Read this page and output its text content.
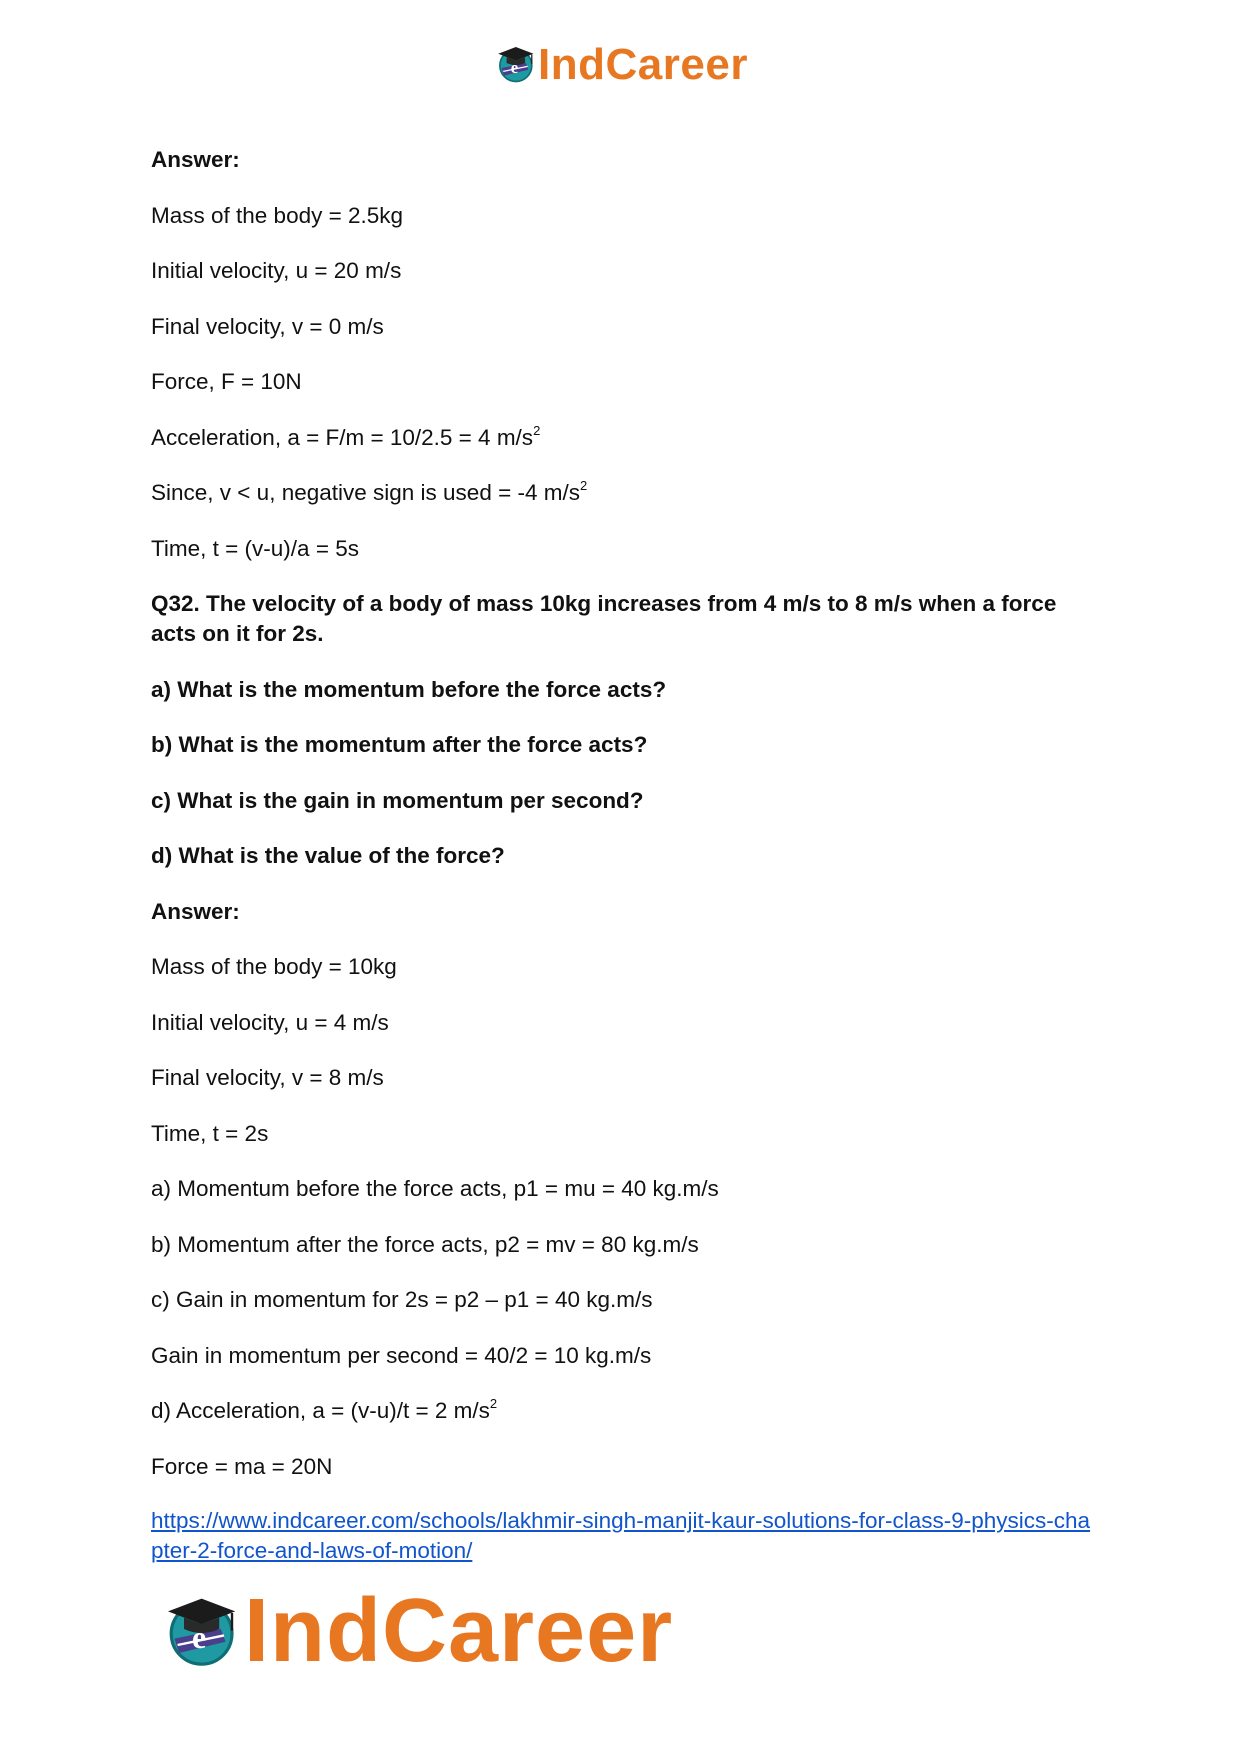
e IndCareer
Answer:
Mass of the body = 2.5kg
Initial velocity, u = 20 m/s
Final velocity, v = 0 m/s
Force, F = 10N
Acceleration, a = F/m = 10/2.5 = 4 $m/s^2$
Since, v < u, negative sign is used = -4 $m/s^2$
Time, t = (v-u)/a = 5s
Q32. The velocity of a body of mass 10kg increases from 4 m/s to 8 m/s when a force acts on it for 2s.
a) What is the momentum before the force acts?
b) What is the momentum after the force acts?
c) What is the gain in momentum per second?
d) What is the value of the force?
Answer:
Mass of the body = 10kg
Initial velocity, u = 4 m/s
Final velocity, v = 8 m/s
Time, t = 2s
a) Momentum before the force acts, p1 = mu = 40 kg.m/s
b) Momentum after the force acts, p2 = mv = 80 kg.m/s
c) Gain in momentum for 2s = p2 – p1 = 40 kg.m/s
Gain in momentum per second = 40/2 = 10 kg.m/s
d) Acceleration, a = (v-u)/t = 2 $m/s^2$
Force = ma = 20N
https://www.indcareer.com/schools/lakhmir-singh-manjit-kaur-solutions-for-class-9-physics-chapter-2-force-and-laws-of-motion/
e IndCareer
